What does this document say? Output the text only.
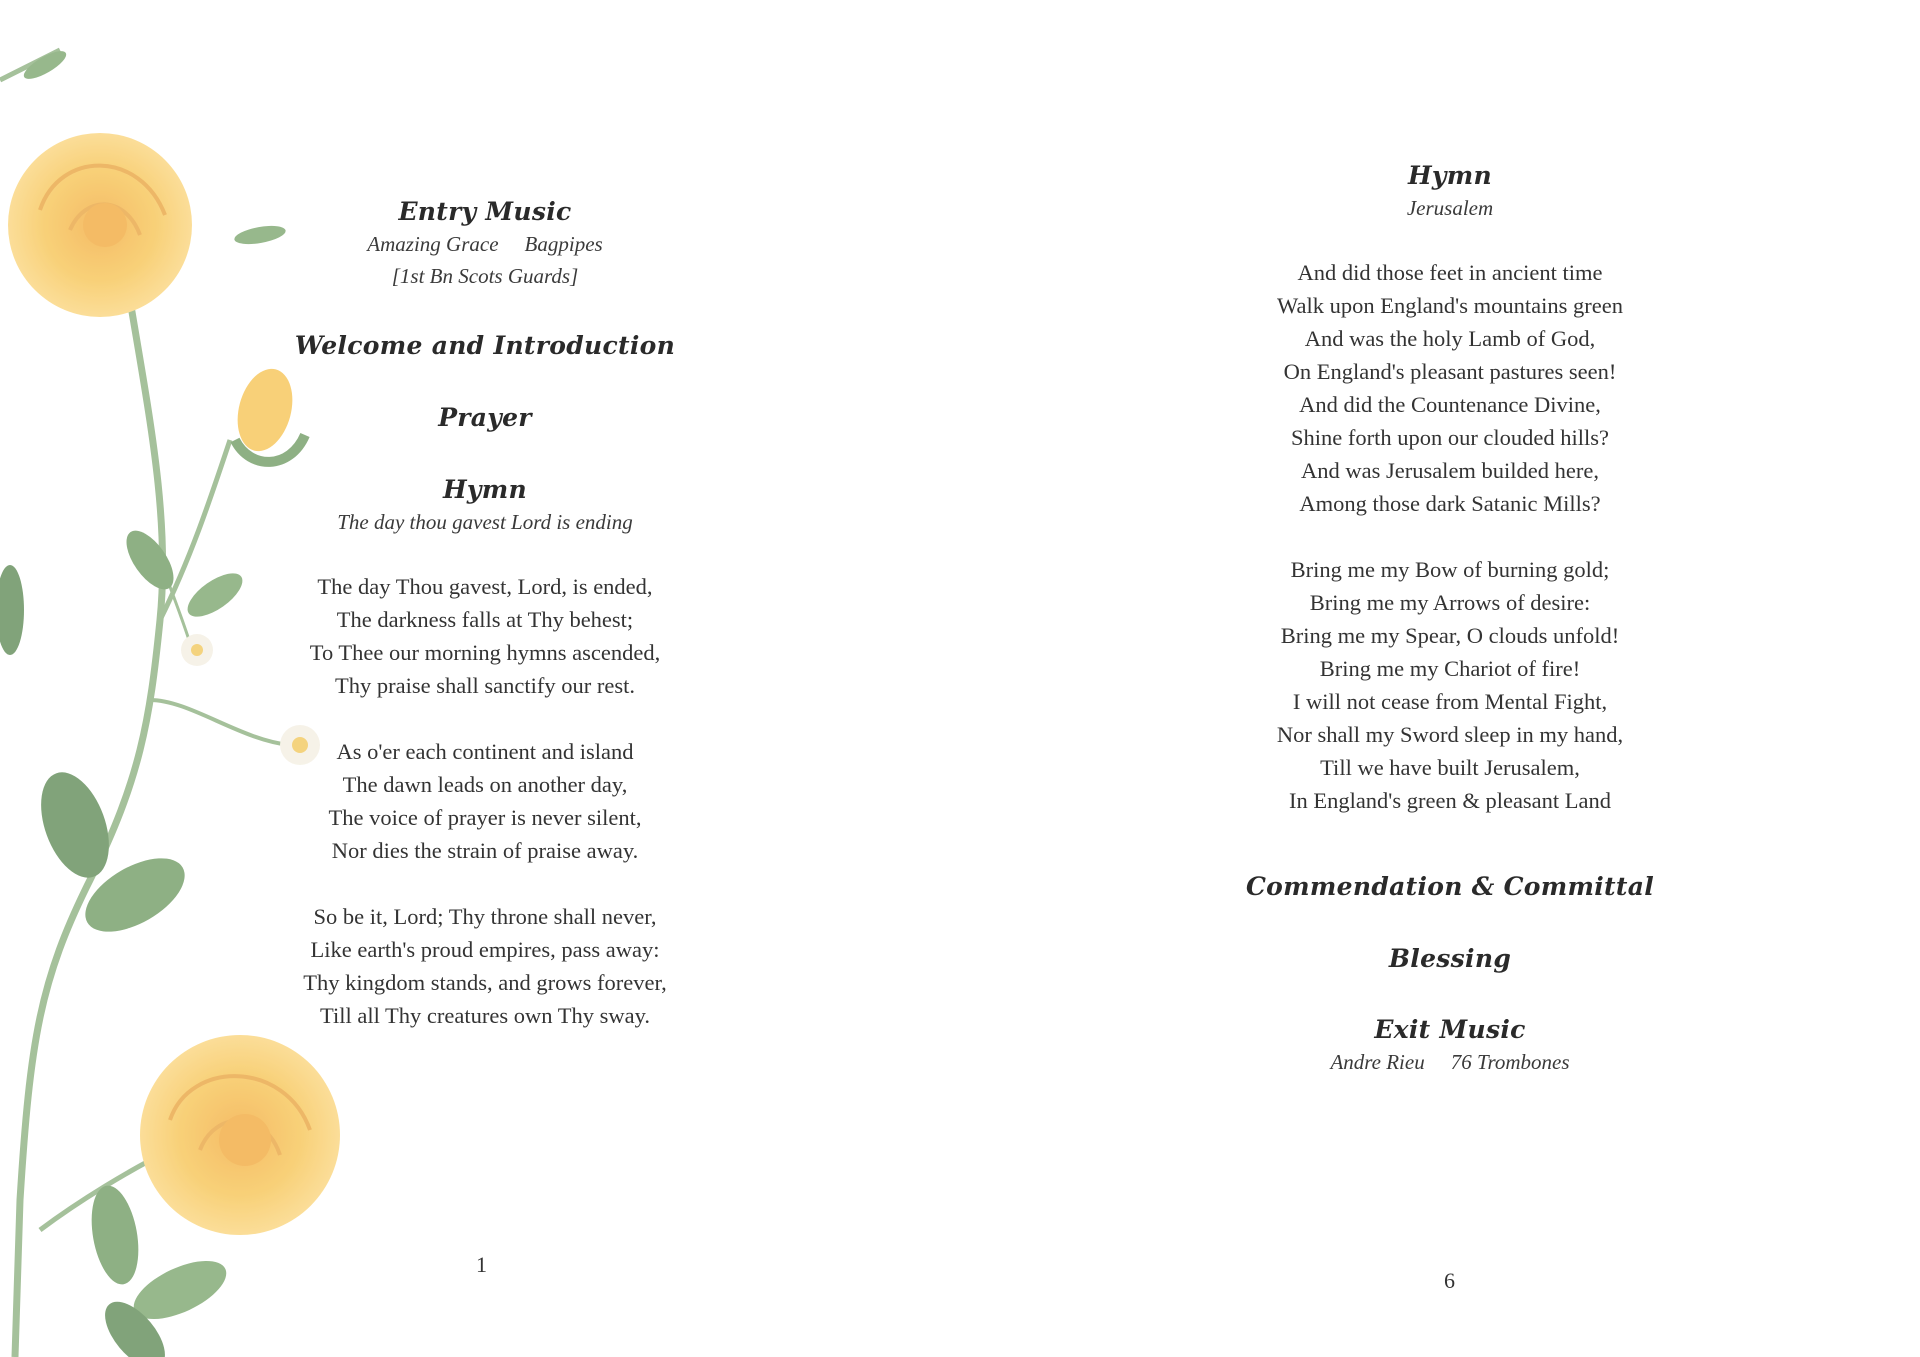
Entry Music

Amazing Grace Bagpipes

[1st Bn Scots Guards]

Welcome and Introduction

Prayer

Hymn

The day thou gavest Lord is ending

The day Thou gavest, Lord, is ended,

The darkness falls at Thy behest;

To Thee our morning hymns ascended,

Thy praise shall sanctify our rest.

As o'er each continent and island

The dawn leads on another day,

The voice of prayer is never silent,

Nor dies the strain of praise away.

So be it, Lord; Thy throne shall never,

Like earth's proud empires, pass away:

Thy kingdom stands, and grows forever,

Till all Thy creatures own Thy sway.

1

Hymn

Jerusalem

And did those feet in ancient time

Walk upon England's mountains green

And was the holy Lamb of God,

On England's pleasant pastures seen!

And did the Countenance Divine,

Shine forth upon our clouded hills?

And was Jerusalem builded here,

Among those dark Satanic Mills?

Bring me my Bow of burning gold;

Bring me my Arrows of desire:

Bring me my Spear, O clouds unfold!

Bring me my Chariot of fire!

I will not cease from Mental Fight,

Nor shall my Sword sleep in my hand,

Till we have built Jerusalem,

In England's green & pleasant Land

Commendation & Committal

Blessing

Exit Music

Andre Rieu 76 Trombones

6
